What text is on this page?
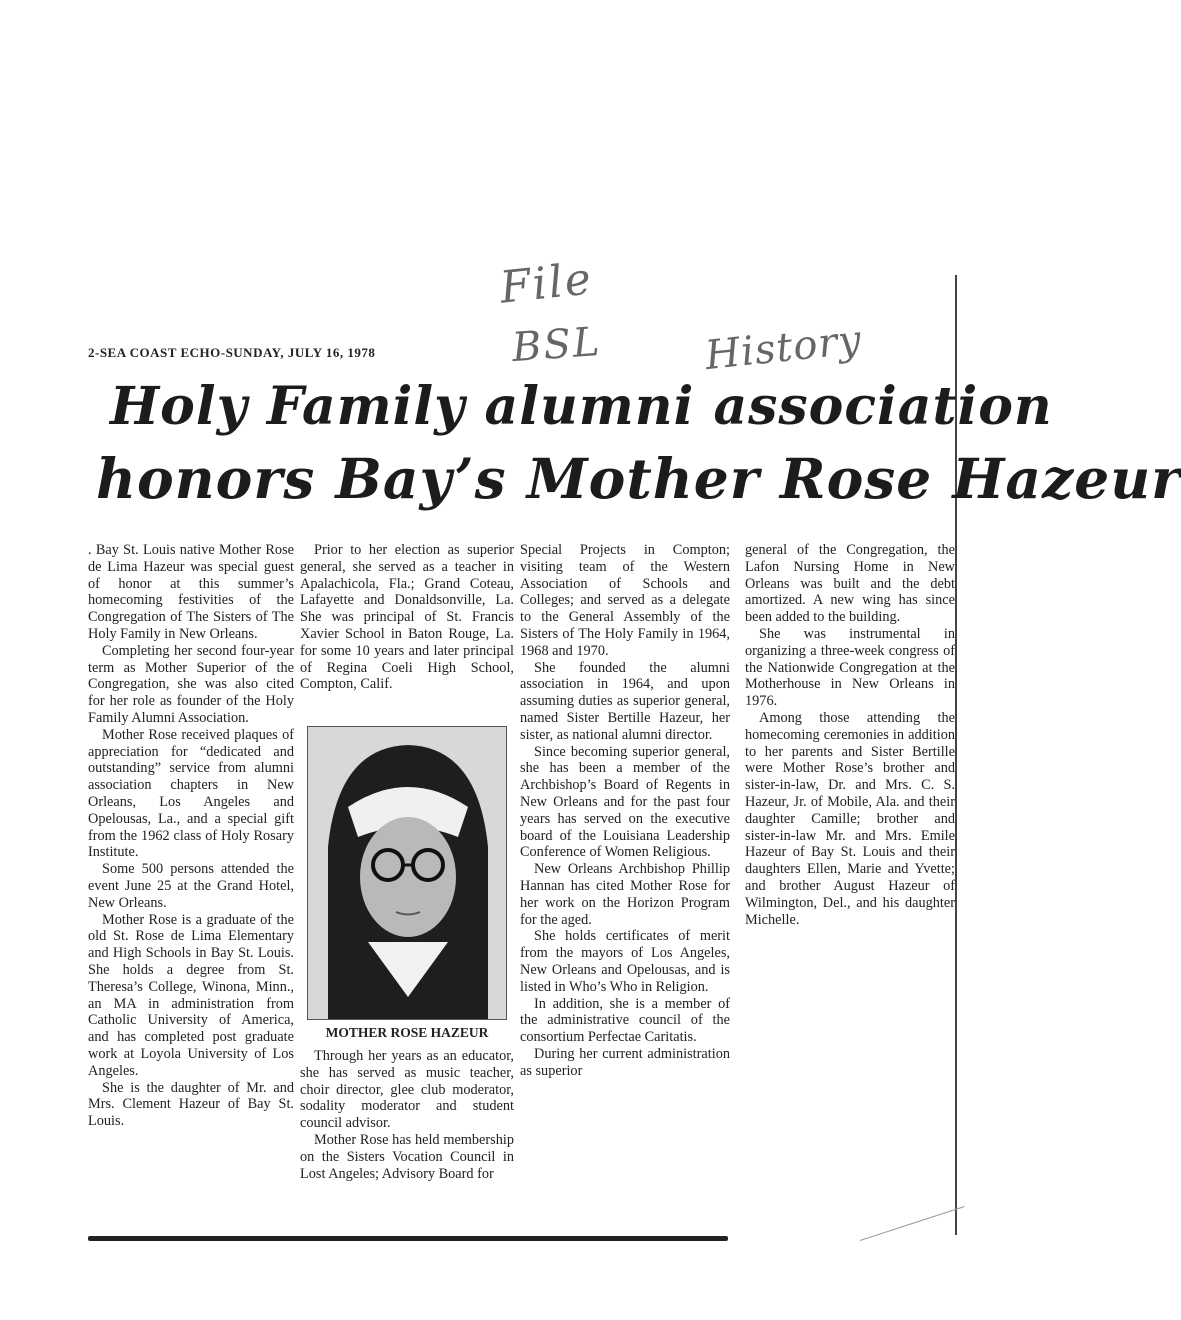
File
BSL	History
2-SEA COAST ECHO-SUNDAY, JULY 16, 1978
Holy Family alumni association
honors Bay’s Mother Rose Hazeur

. Bay St. Louis native Mother Rose de Lima Hazeur was special guest of honor at this summer’s homecoming festivities of the Congregation of The Sisters of The Holy Family in New Orleans.

Completing her second four-year term as Mother Superior of the Congregation, she was also cited for her role as founder of the Holy Family Alumni Association.

Mother Rose received plaques of appreciation for “dedicated and outstanding” service from alumni association chapters in New Orleans, Los Angeles and Opelousas, La., and a special gift from the 1962 class of Holy Rosary Institute.

Some 500 persons attended the event June 25 at the Grand Hotel, New Orleans.

Mother Rose is a graduate of the old St. Rose de Lima Elementary and High Schools in Bay St. Louis. She holds a degree from St. Theresa’s College, Winona, Minn., an MA in administration from Catholic University of America, and has completed post graduate work at Loyola University of Los Angeles.

She is the daughter of Mr. and Mrs. Clement Hazeur of Bay St. Louis.

Prior to her election as superior general, she served as a teacher in Apalachicola, Fla.; Grand Coteau, Lafayette and Donaldsonville, La. She was principal of St. Francis Xavier School in Baton Rouge, La. for some 10 years and later principal of Regina Coeli High School, Compton, Calif.

MOTHER ROSE HAZEUR

Through her years as an educator, she has served as music teacher, choir director, glee club moderator, sodality moderator and student council advisor.

Mother Rose has held membership on the Sisters Vocation Council in Lost Angeles; Advisory Board for

Special Projects in Compton; visiting team of the Western Association of Schools and Colleges; and served as a delegate to the General Assembly of the Sisters of The Holy Family in 1964, 1968 and 1970.

She founded the alumni association in 1964, and upon assuming duties as superior general, named Sister Bertille Hazeur, her sister, as national alumni director.

Since becoming superior general, she has been a member of the Archbishop’s Board of Regents in New Orleans and for the past four years has served on the executive board of the Louisiana Leadership Conference of Women Religious.

New Orleans Archbishop Phillip Hannan has cited Mother Rose for her work on the Horizon Program for the aged.

She holds certificates of merit from the mayors of Los Angeles, New Orleans and Opelousas, and is listed in Who’s Who in Religion.

In addition, she is a member of the administrative council of the consortium Perfectae Caritatis.

During her current administration as superior

general of the Congregation, the Lafon Nursing Home in New Orleans was built and the debt amortized. A new wing has since been added to the building.

She was instrumental in organizing a three-week congress of the Nationwide Congregation at the Motherhouse in New Orleans in 1976.

Among those attending the homecoming ceremonies in addition to her parents and Sister Bertille were Mother Rose’s brother and sister-in-law, Dr. and Mrs. C. S. Hazeur, Jr. of Mobile, Ala. and their daughter Camille; brother and sister-in-law Mr. and Mrs. Emile Hazeur of Bay St. Louis and their daughters Ellen, Marie and Yvette; and brother August Hazeur of Wilmington, Del., and his daughter Michelle.
